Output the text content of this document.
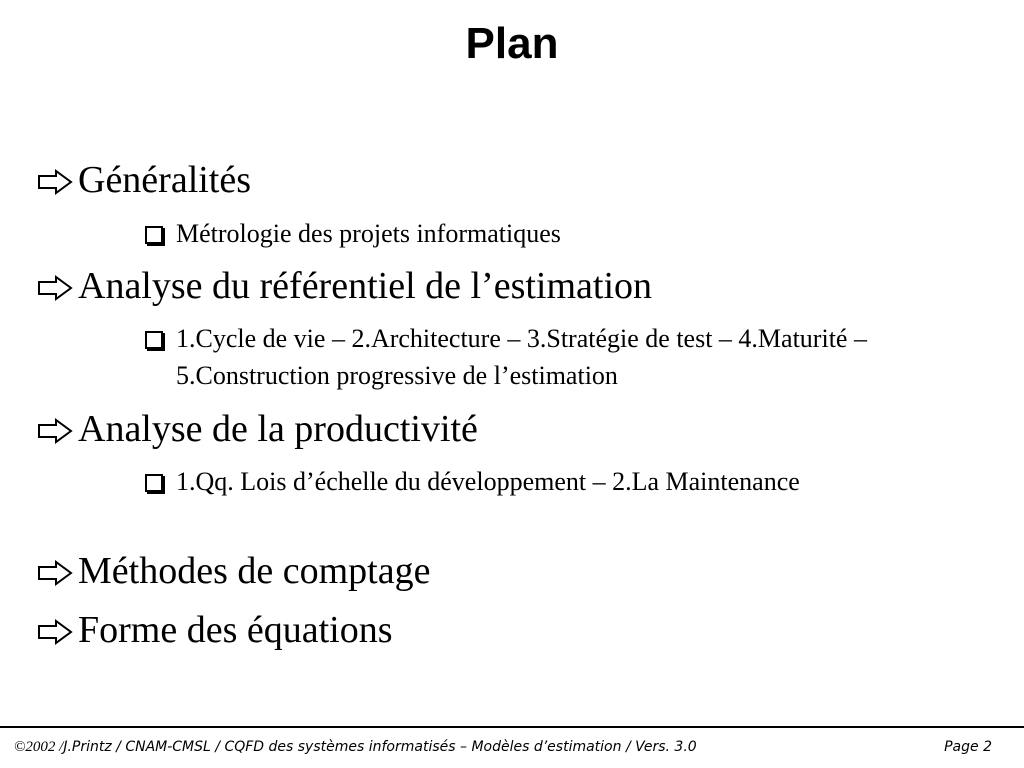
Plan
Généralités
Métrologie des projets informatiques
Analyse du référentiel de l’estimation
1.Cycle de vie – 2.Architecture – 3.Stratégie de test – 4.Maturité – 5.Construction progressive de l’estimation
Analyse de la productivité
1.Qq. Lois d’échelle du développement – 2.La Maintenance
Méthodes de comptage
Forme des équations
©2002 /J.Printz / CNAM-CMSL / CQFD des systèmes informatisés – Modèles d’estimation / Vers. 3.0	Page 2
